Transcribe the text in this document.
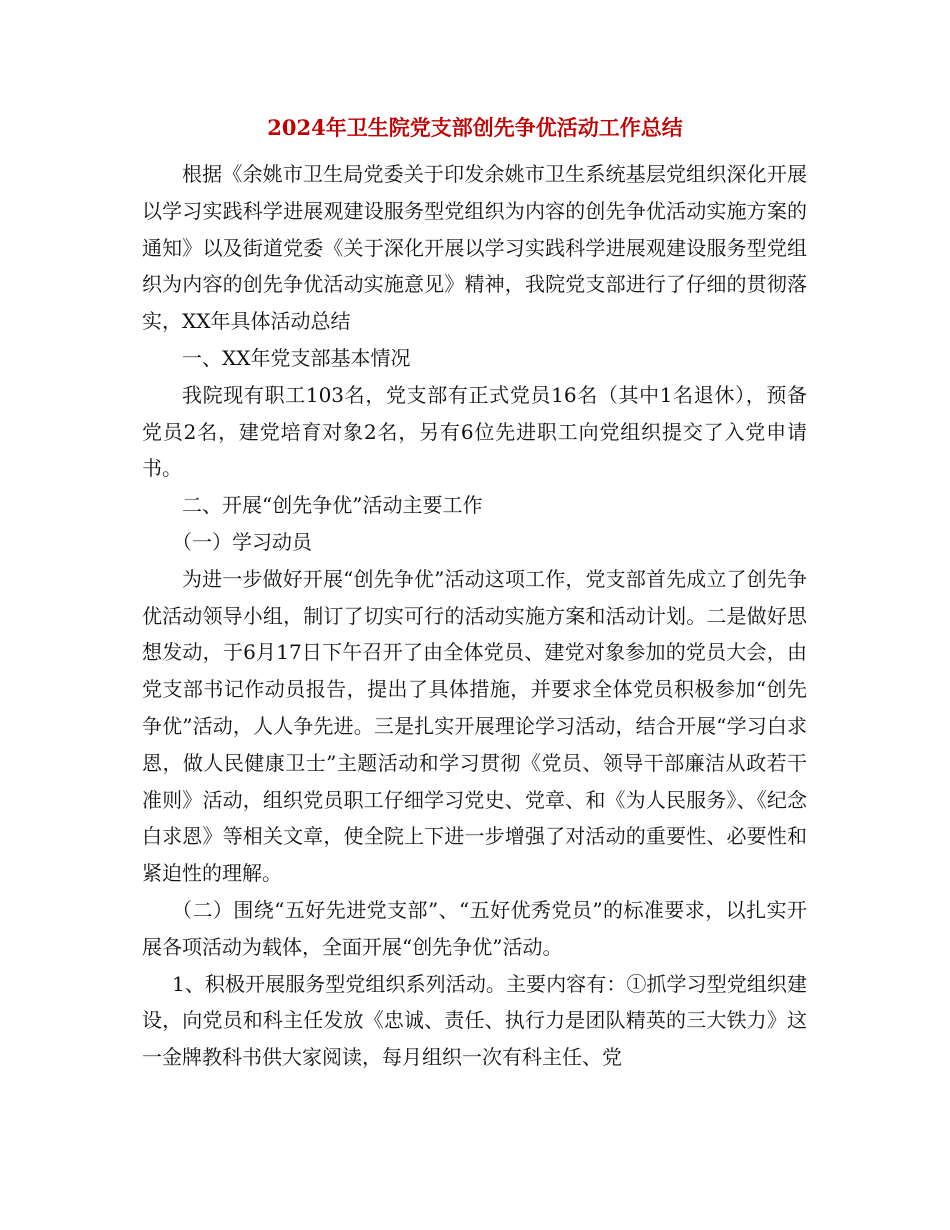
2024年卫生院党支部创先争优活动工作总结

根据《余姚市卫生局党委关于印发余姚市卫生系统基层党组织深化开展以学习实践科学进展观建设服务型党组织为内容的创先争优活动实施方案的通知》以及街道党委《关于深化开展以学习实践科学进展观建设服务型党组织为内容的创先争优活动实施意见》精神，我院党支部进行了仔细的贯彻落实，XX年具体活动总结

一、XX年党支部基本情况

我院现有职工103名，党支部有正式党员16名（其中1名退休），预备党员2名，建党培育对象2名，另有6位先进职工向党组织提交了入党申请书。

二、开展“创先争优”活动主要工作

（一）学习动员

为进一步做好开展“创先争优”活动这项工作，党支部首先成立了创先争优活动领导小组，制订了切实可行的活动实施方案和活动计划。二是做好思想发动，于6月17日下午召开了由全体党员、建党对象参加的党员大会，由党支部书记作动员报告，提出了具体措施，并要求全体党员积极参加“创先争优”活动，人人争先进。三是扎实开展理论学习活动，结合开展“学习白求恩，做人民健康卫士”主题活动和学习贯彻《党员、领导干部廉洁从政若干准则》活动，组织党员职工仔细学习党史、党章、和《为人民服务》、《纪念白求恩》等相关文章，使全院上下进一步增强了对活动的重要性、必要性和紧迫性的理解。

（二）围绕“五好先进党支部”、“五好优秀党员”的标准要求，以扎实开展各项活动为载体，全面开展“创先争优”活动。

1、积极开展服务型党组织系列活动。主要内容有：①抓学习型党组织建设，向党员和科主任发放《忠诚、责任、执行力是团队精英的三大铁力》这一金牌教科书供大家阅读，每月组织一次有科主任、党
